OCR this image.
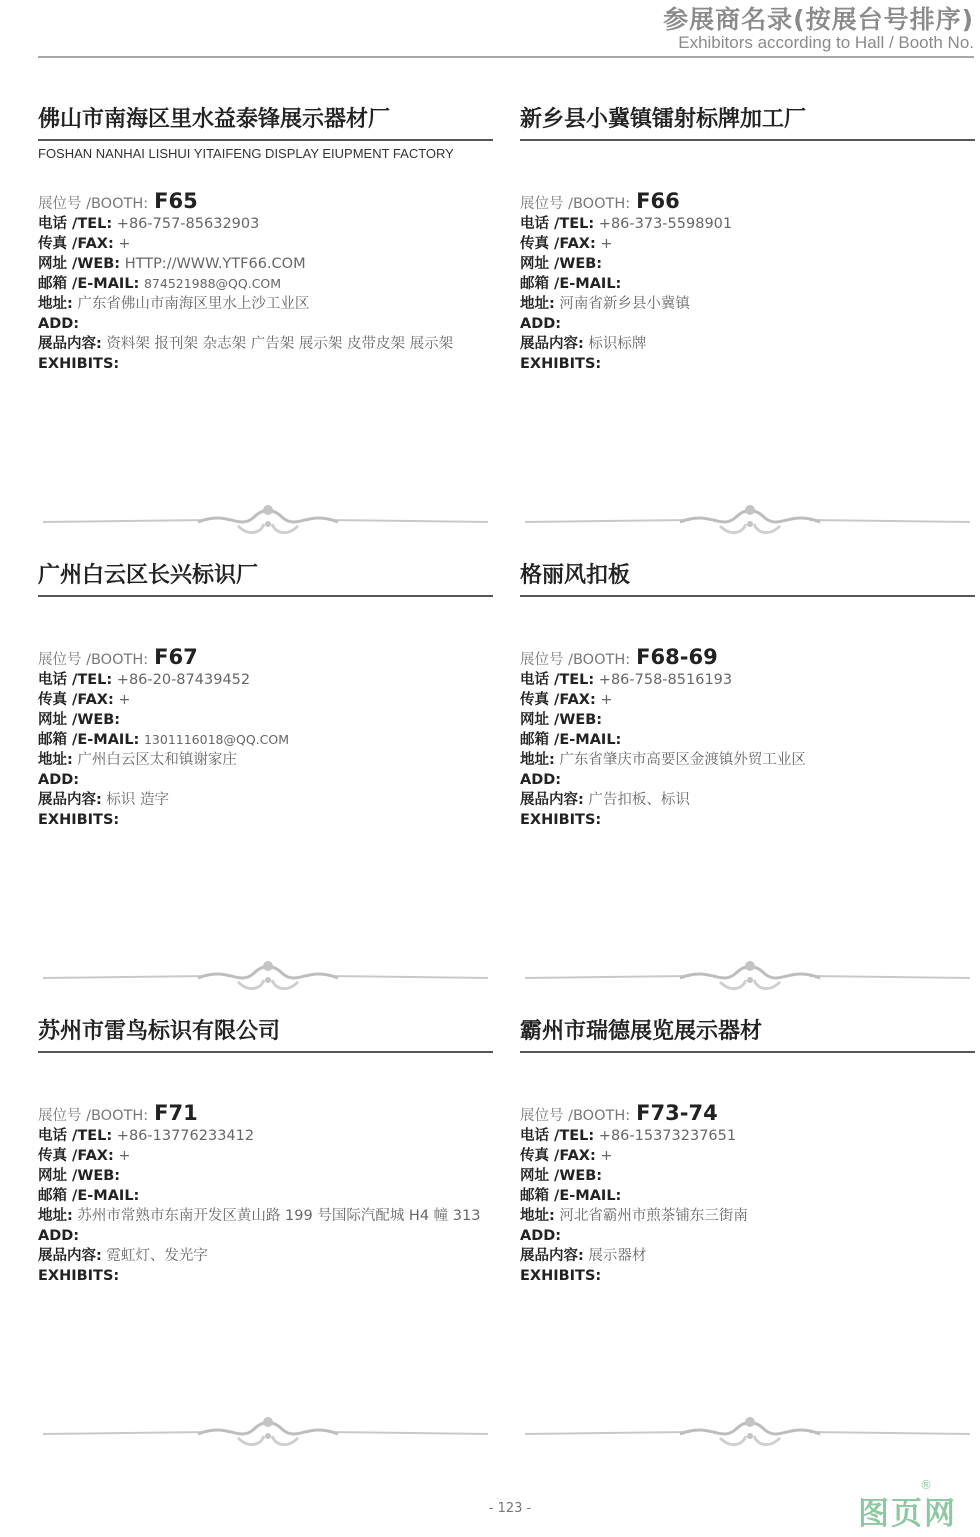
参展商名录(按展台号排序)
Exhibitors according to Hall / Booth No.
佛山市南海区里水益泰锋展示器材厂
FOSHAN NANHAI LISHUI YITAIFENG DISPLAY EIUPMENT FACTORY
展位号 /BOOTH: F65
电话 /TEL: +86-757-85632903
传真 /FAX: +
网址 /WEB: HTTP://WWW.YTF66.COM
邮箱 /E-MAIL: 874521988@QQ.COM
地址: 广东省佛山市南海区里水上沙工业区
ADD:
展品内容: 资料架 报刊架 杂志架 广告架 展示架 皮带皮架 展示架
EXHIBITS:
新乡县小冀镇镭射标牌加工厂
展位号 /BOOTH: F66
电话 /TEL: +86-373-5598901
传真 /FAX: +
网址 /WEB:
邮箱 /E-MAIL:
地址: 河南省新乡县小冀镇
ADD:
展品内容: 标识标牌
EXHIBITS:
广州白云区长兴标识厂
展位号 /BOOTH: F67
电话 /TEL: +86-20-87439452
传真 /FAX: +
网址 /WEB:
邮箱 /E-MAIL: 1301116018@QQ.COM
地址: 广州白云区太和镇谢家庄
ADD:
展品内容: 标识 造字
EXHIBITS:
格丽风扣板
展位号 /BOOTH: F68-69
电话 /TEL: +86-758-8516193
传真 /FAX: +
网址 /WEB:
邮箱 /E-MAIL:
地址: 广东省肇庆市高要区金渡镇外贸工业区
ADD:
展品内容: 广告扣板、标识
EXHIBITS:
苏州市雷鸟标识有限公司
展位号 /BOOTH: F71
电话 /TEL: +86-13776233412
传真 /FAX: +
网址 /WEB:
邮箱 /E-MAIL:
地址: 苏州市常熟市东南开发区黄山路 199 号国际汽配城 H4 幢 313
ADD:
展品内容: 霓虹灯、发光字
EXHIBITS:
霸州市瑞德展览展示器材
展位号 /BOOTH: F73-74
电话 /TEL: +86-15373237651
传真 /FAX: +
网址 /WEB:
邮箱 /E-MAIL:
地址: 河北省霸州市煎茶铺东三街南
ADD:
展品内容: 展示器材
EXHIBITS:
- 123 -	图页网
®
